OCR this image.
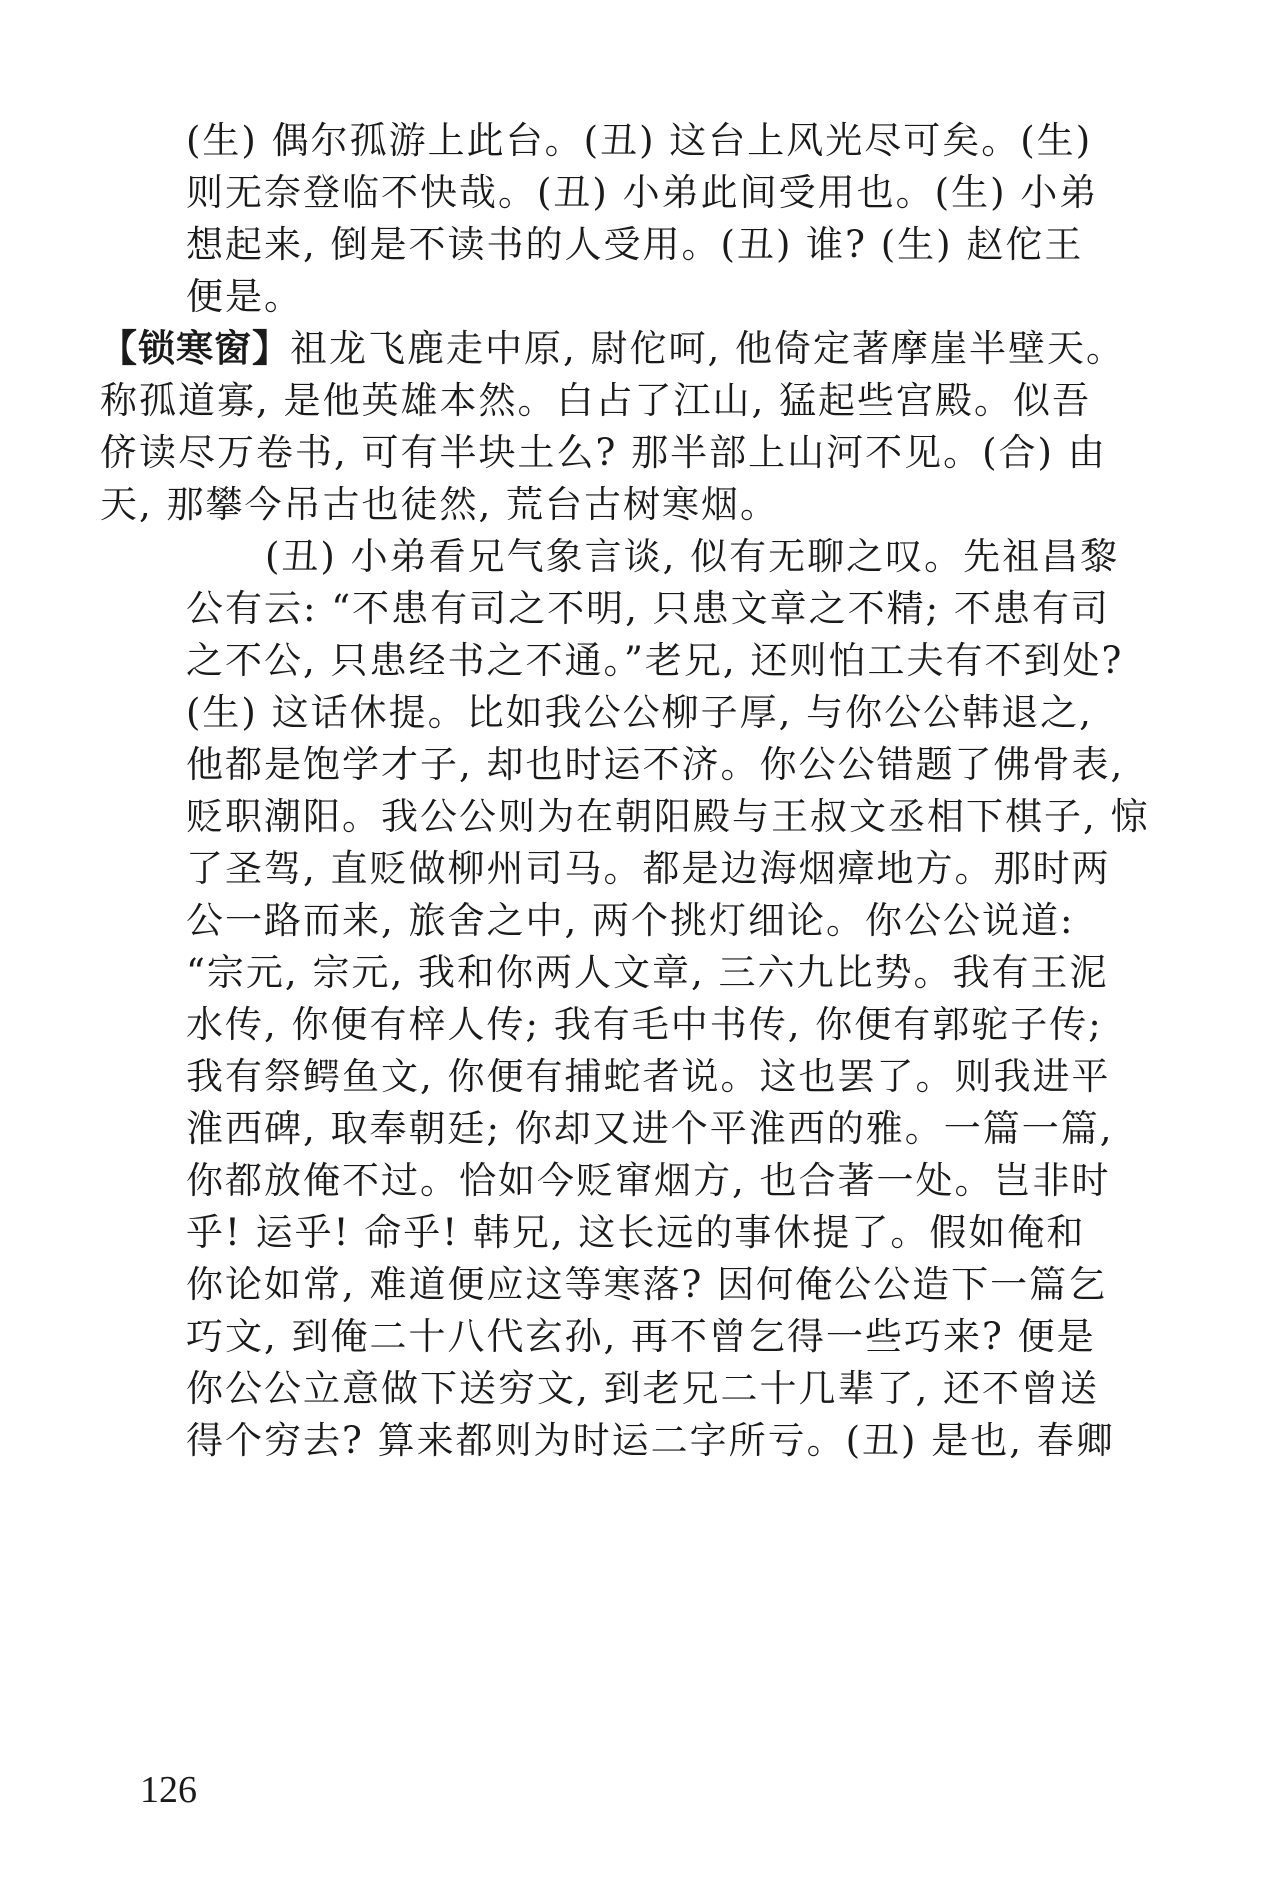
(生) 偶尔孤游上此台。(丑) 这台上风光尽可矣。(生)
则无奈登临不快哉。(丑) 小弟此间受用也。(生) 小弟
想起来, 倒是不读书的人受用。(丑) 谁? (生) 赵佗王
便是。
【锁寒窗】祖龙飞鹿走中原, 尉佗呵, 他倚定著摩崖半壁天。
称孤道寡, 是他英雄本然。白占了江山, 猛起些宫殿。似吾
侪读尽万卷书, 可有半块土么? 那半部上山河不见。(合) 由
天, 那攀今吊古也徒然, 荒台古树寒烟。
(丑) 小弟看兄气象言谈, 似有无聊之叹。先祖昌黎
公有云: “不患有司之不明, 只患文章之不精; 不患有司
之不公, 只患经书之不通。”老兄, 还则怕工夫有不到处?
(生) 这话休提。比如我公公柳子厚, 与你公公韩退之,
他都是饱学才子, 却也时运不济。你公公错题了佛骨表,
贬职潮阳。我公公则为在朝阳殿与王叔文丞相下棋子, 惊
了圣驾, 直贬做柳州司马。都是边海烟瘴地方。那时两
公一路而来, 旅舍之中, 两个挑灯细论。你公公说道:
“宗元, 宗元, 我和你两人文章, 三六九比势。我有王泥
水传, 你便有梓人传; 我有毛中书传, 你便有郭驼子传;
我有祭鳄鱼文, 你便有捕蛇者说。这也罢了。则我进平
淮西碑, 取奉朝廷; 你却又进个平淮西的雅。一篇一篇,
你都放俺不过。恰如今贬窜烟方, 也合著一处。岂非时
乎! 运乎! 命乎! 韩兄, 这长远的事休提了。假如俺和
你论如常, 难道便应这等寒落? 因何俺公公造下一篇乞
巧文, 到俺二十八代玄孙, 再不曾乞得一些巧来? 便是
你公公立意做下送穷文, 到老兄二十几辈了, 还不曾送
得个穷去? 算来都则为时运二字所亏。(丑) 是也, 春卿
126
